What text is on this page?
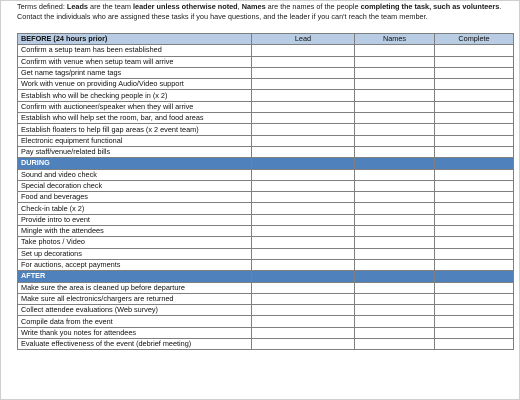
Terms defined: Leads are the team leader unless otherwise noted, Names are the names of the people completing the task, such as volunteers. Contact the individuals who are assigned these tasks if you have questions, and the leader if you can't reach the team member.
BEFORE (24 hours prior)	Lead	Names	Complete
Confirm a setup team has been established			
Confirm with venue when setup team will arrive			
Get name tags/print name tags			
Work with venue on providing Audio/Video support			
Establish who will be checking people in (x 2)			
Confirm with auctioneer/speaker when they will arrive			
Establish who will help set the room, bar, and food areas			
Establish floaters to help fill gap areas (x 2 event team)			
Electronic equipment functional			
Pay staff/venue/related bills			
DURING			
Sound and video check			
Special decoration check			
Food and beverages			
Check-in table (x 2)			
Provide intro to event			
Mingle with the attendees			
Take photos / Video			
Set up decorations			
For auctions, accept payments			
AFTER			
Make sure the area is cleaned up before departure			
Make sure all electronics/chargers are returned			
Collect attendee evaluations (Web survey)			
Compile data from the event			
Write thank you notes for attendees			
Evaluate effectiveness of the event (debrief meeting)			
